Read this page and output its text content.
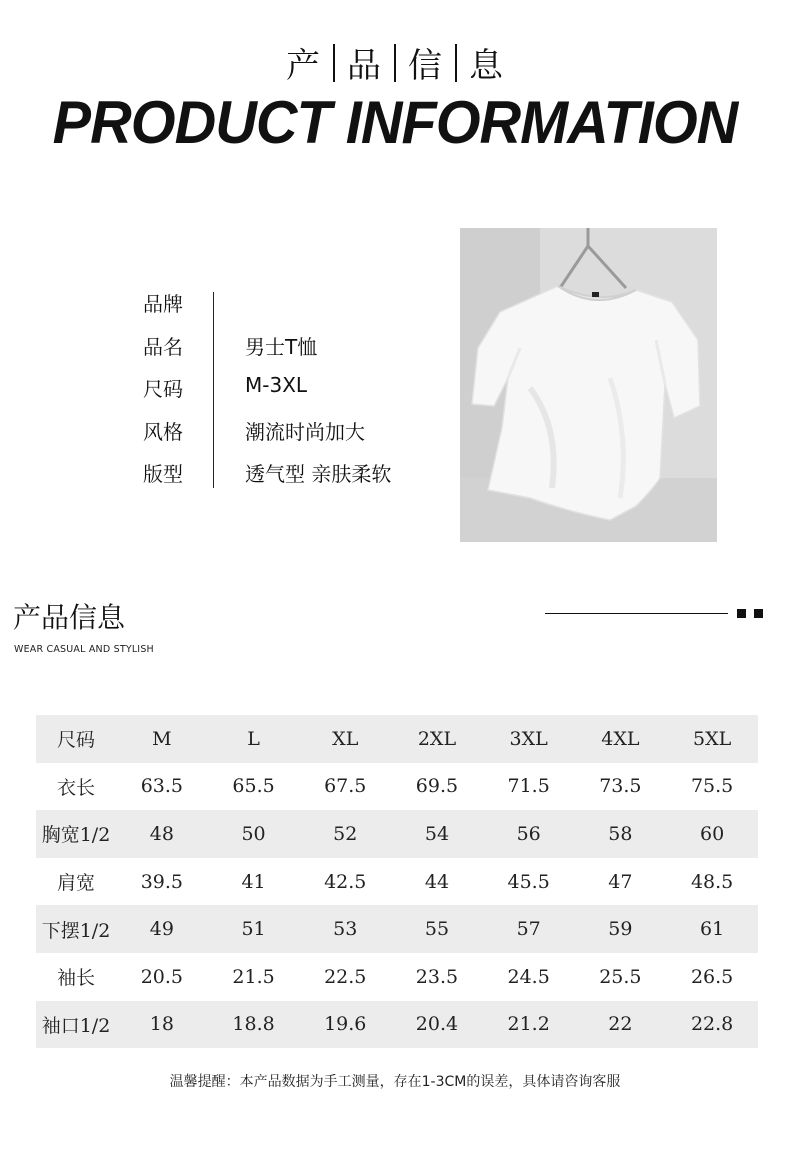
产 品 信 息
PRODUCT INFORMATION
品牌
品名	男士T恤
尺码	M-3XL
风格	潮流时尚加大
版型	透气型 亲肤柔软
产品信息
WEAR CASUAL AND STYLISH
尺码	M	L	XL	2XL	3XL	4XL	5XL
衣长	63.5	65.5	67.5	69.5	71.5	73.5	75.5
胸宽1/2	48	50	52	54	56	58	60
肩宽	39.5	41	42.5	44	45.5	47	48.5
下摆1/2	49	51	53	55	57	59	61
袖长	20.5	21.5	22.5	23.5	24.5	25.5	26.5
袖口1/2	18	18.8	19.6	20.4	21.2	22	22.8
温馨提醒：本产品数据为手工测量，存在1-3CM的误差，具体请咨询客服
